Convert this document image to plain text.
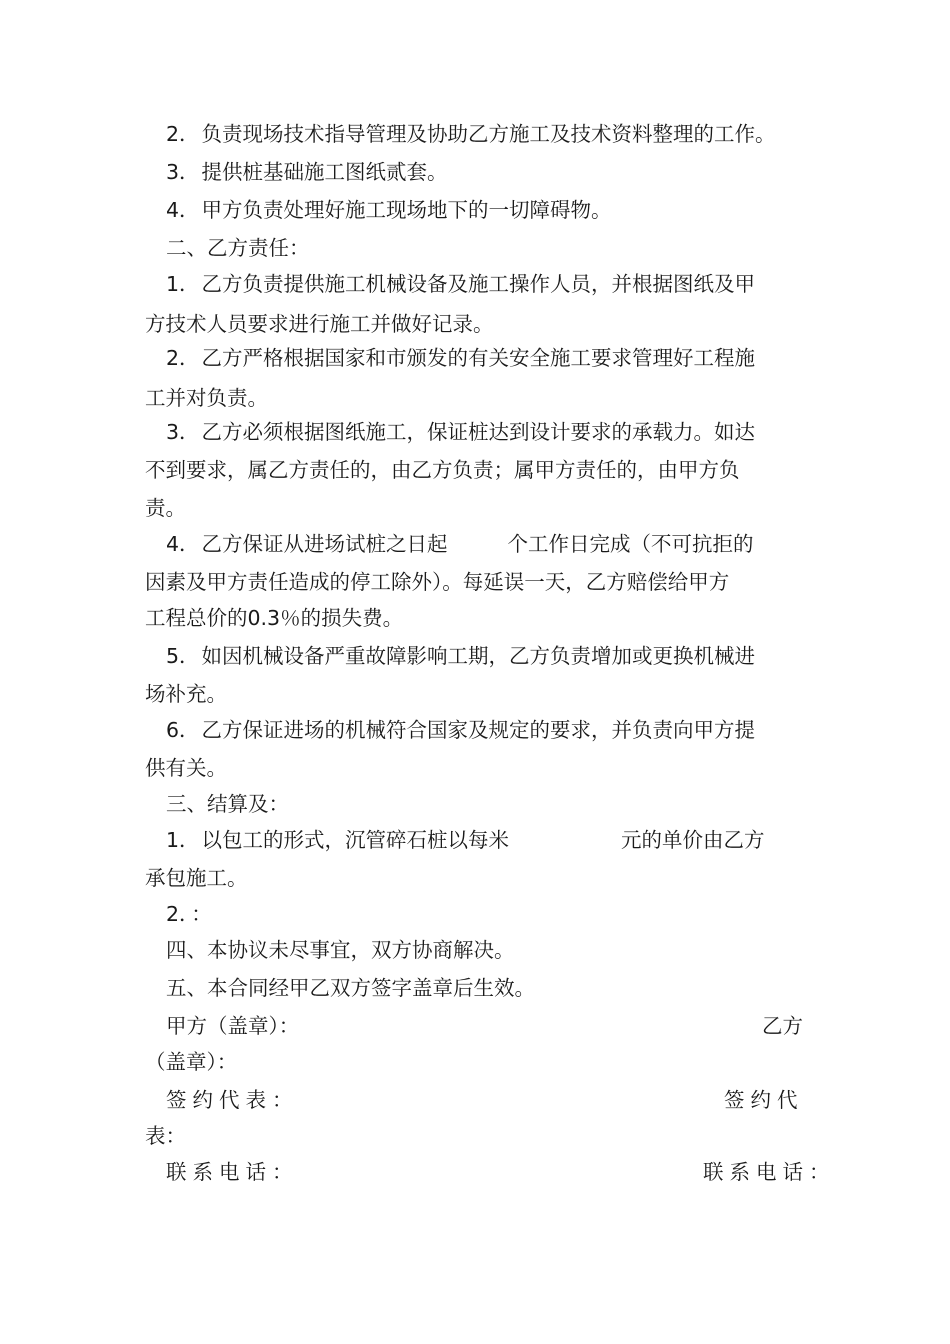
2．负责现场技术指导管理及协助乙方施工及技术资料整理的工作。
3．提供桩基础施工图纸贰套。
4．甲方负责处理好施工现场地下的一切障碍物。
二、乙方责任：
1．乙方负责提供施工机械设备及施工操作人员，并根据图纸及甲
方技术人员要求进行施工并做好记录。
2．乙方严格根据国家和市颁发的有关安全施工要求管理好工程施
工并对负责。
3．乙方必须根据图纸施工，保证桩达到设计要求的承载力。如达
不到要求，属乙方责任的，由乙方负责；属甲方责任的，由甲方负
责。
4．乙方保证从进场试桩之日起	个工作日完成（不可抗拒的
因素及甲方责任造成的停工除外）。每延误一天，乙方赔偿给甲方
工程总价的0.3％的损失费。
5．如因机械设备严重故障影响工期，乙方负责增加或更换机械进
场补充。
6．乙方保证进场的机械符合国家及规定的要求，并负责向甲方提
供有关。
三、结算及：
1．以包工的形式，沉管碎石桩以每米	元的单价由乙方
承包施工。
2．：
四、本协议未尽事宜，双方协商解决。
五、本合同经甲乙双方签字盖章后生效。
甲方（盖章）：	乙方
（盖章）：
签约代表：	签约代
表：
联系电话：	联系电话：
